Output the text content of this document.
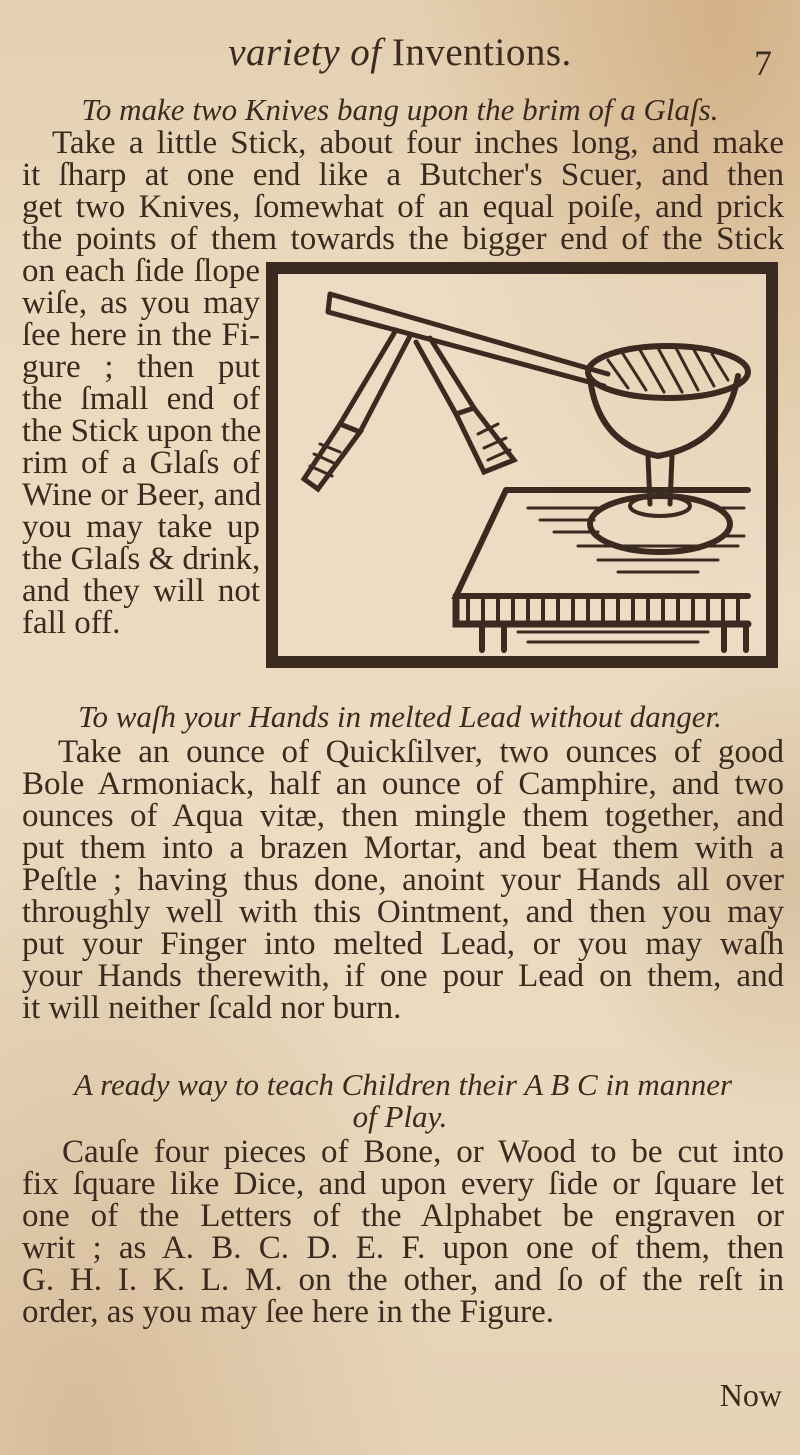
variety of Inventions.	7
To make two Knives bang upon the brim of a Glaſs.
Take a little Stick, about four inches long, and make
it ſharp at one end like a Butcher's Scuer, and then
get two Knives, ſomewhat of an equal poiſe, and prick
the points of them towards the bigger end of the Stick
on each ſide ſlope
wiſe, as you may
ſee here in the Fi-
gure ; then put
the ſmall end of
the Stick upon the
rim of a Glaſs of
Wine or Beer, and
you may take up
the Glaſs & drink,
and they will not
fall off.
To waſh your Hands in melted Lead without danger.
Take an ounce of Quickſilver, two ounces of good
Bole Armoniack, half an ounce of Camphire, and two
ounces of Aqua vitæ, then mingle them together, and
put them into a brazen Mortar, and beat them with a
Peſtle ; having thus done, anoint your Hands all over
throughly well with this Ointment, and then you may
put your Finger into melted Lead, or you may waſh
your Hands therewith, if one pour Lead on them, and
it will neither ſcald nor burn.
A ready way to teach Children their A B C in manner
of Play.
Cauſe four pieces of Bone, or Wood to be cut into
fix ſquare like Dice, and upon every ſide or ſquare let
one of the Letters of the Alphabet be engraven or
writ ; as A. B. C. D. E. F. upon one of them, then
G. H. I. K. L. M. on the other, and ſo of the reſt in
order, as you may ſee here in the Figure.
Now
